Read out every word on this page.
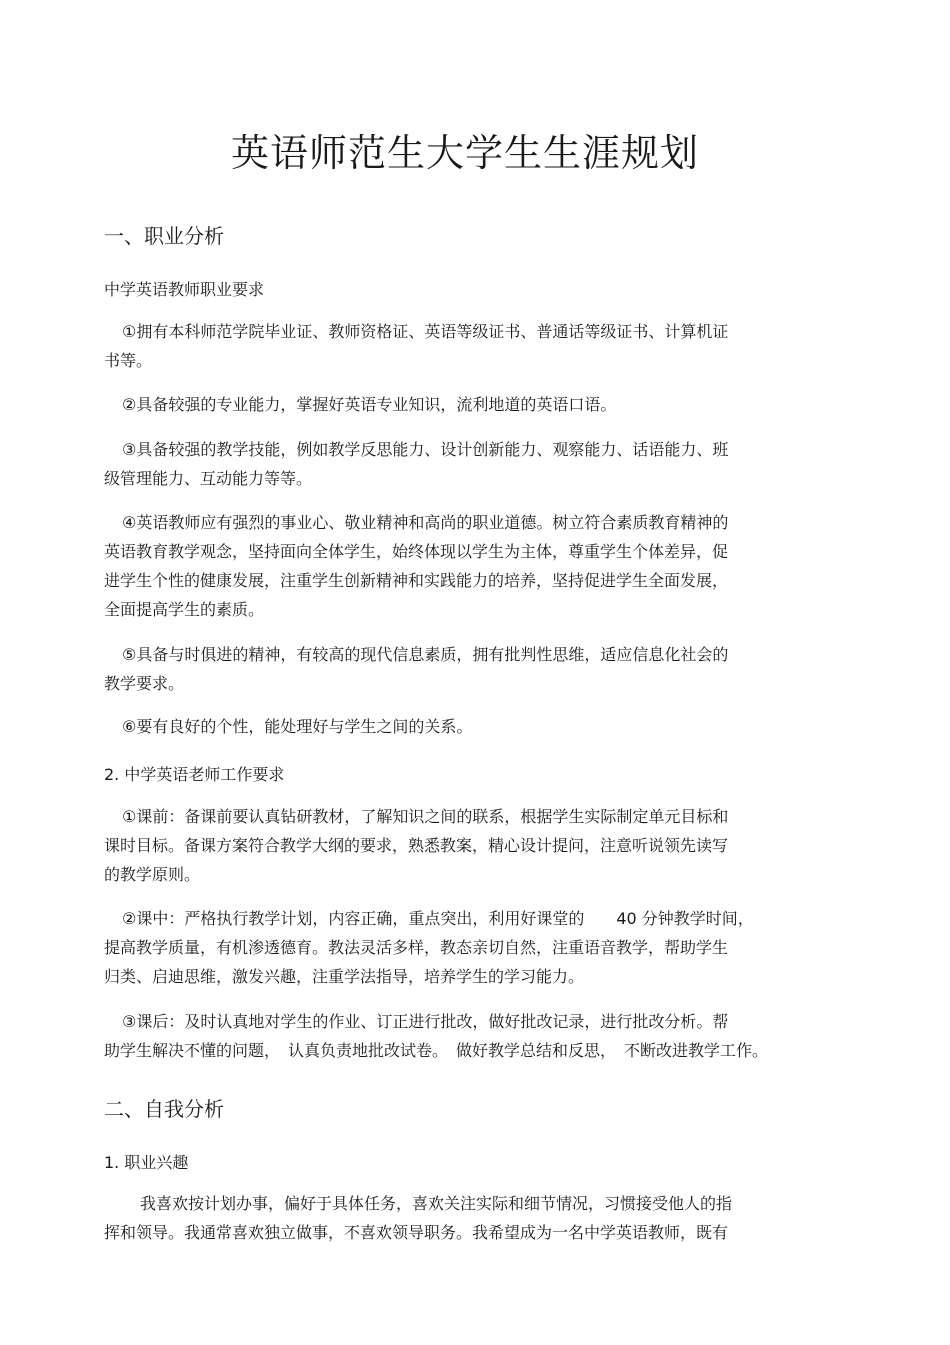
英语师范生大学生生涯规划
一、职业分析
中学英语教师职业要求
①拥有本科师范学院毕业证、教师资格证、英语等级证书、普通话等级证书、计算机证
书等。
②具备较强的专业能力，掌握好英语专业知识，流利地道的英语口语。
③具备较强的教学技能，例如教学反思能力、设计创新能力、观察能力、话语能力、班
级管理能力、互动能力等等。
④英语教师应有强烈的事业心、敬业精神和高尚的职业道德。树立符合素质教育精神的
英语教育教学观念，坚持面向全体学生，始终体现以学生为主体，尊重学生个体差异，促
进学生个性的健康发展，注重学生创新精神和实践能力的培养，坚持促进学生全面发展，
全面提高学生的素质。
⑤具备与时俱进的精神，有较高的现代信息素质，拥有批判性思维，适应信息化社会的
教学要求。
⑥要有良好的个性，能处理好与学生之间的关系。
2. 中学英语老师工作要求
①课前：备课前要认真钻研教材，了解知识之间的联系，根据学生实际制定单元目标和
课时目标。备课方案符合教学大纲的要求，熟悉教案，精心设计提问，注意听说领先读写
的教学原则。
②课中：严格执行教学计划，内容正确，重点突出，利用好课堂的　　40 分钟教学时间，
提高教学质量，有机渗透德育。教法灵活多样，教态亲切自然，注重语音教学，帮助学生
归类、启迪思维，激发兴趣，注重学法指导，培养学生的学习能力。
③课后：及时认真地对学生的作业、订正进行批改，做好批改记录，进行批改分析。帮
助学生解决不懂的问题，　认真负责地批改试卷。　做好教学总结和反思，　不断改进教学工作。
二、自我分析
1. 职业兴趣
我喜欢按计划办事，偏好于具体任务，喜欢关注实际和细节情况，习惯接受他人的指
挥和领导。我通常喜欢独立做事，不喜欢领导职务。我希望成为一名中学英语教师，既有
